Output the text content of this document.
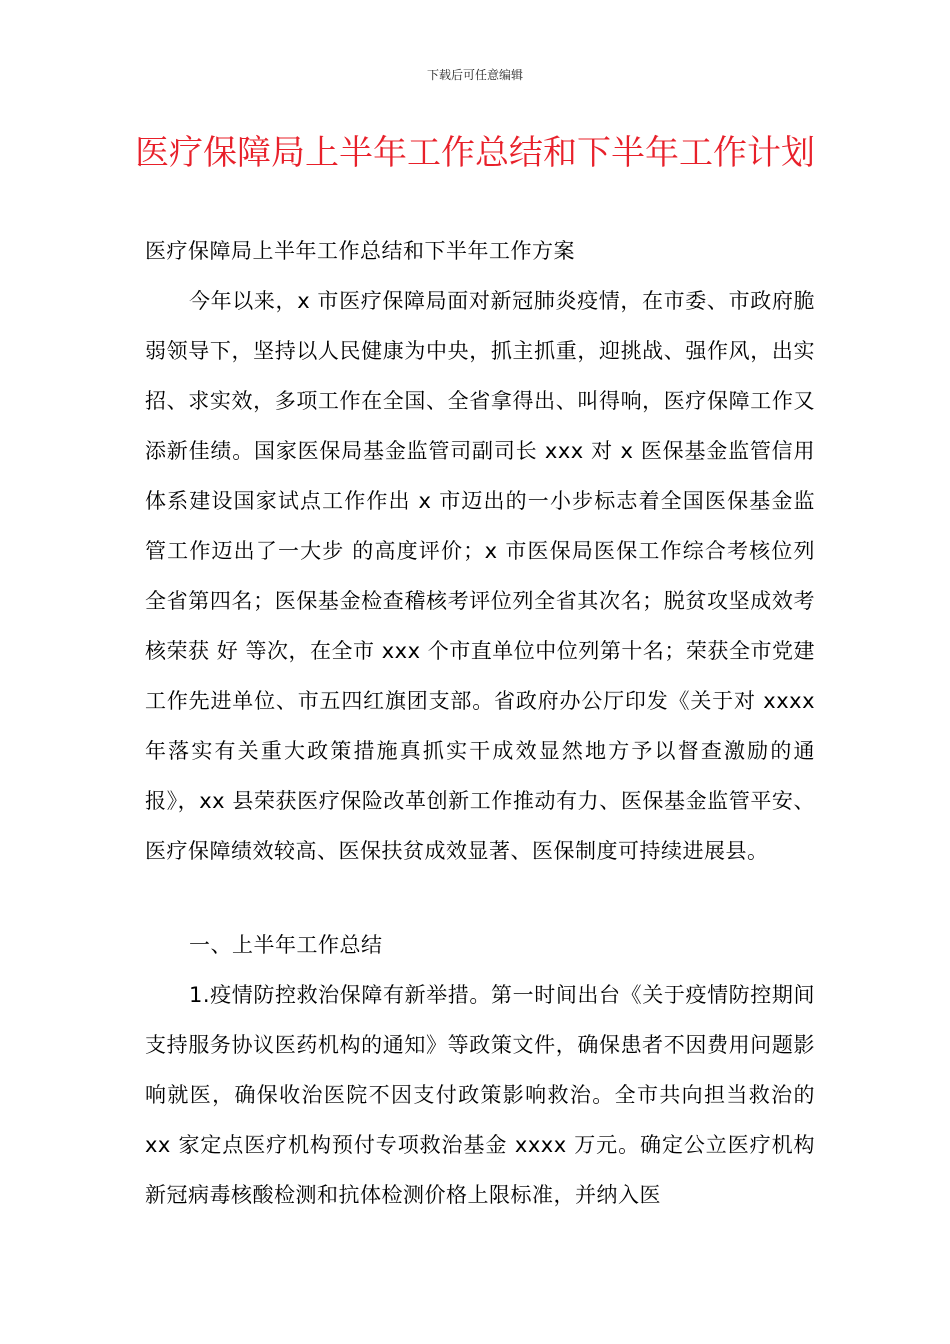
下载后可任意编辑
医疗保障局上半年工作总结和下半年工作计划

医疗保障局上半年工作总结和下半年工作方案

今年以来，x 市医疗保障局面对新冠肺炎疫情，在市委、市政府脆弱领导下，坚持以人民健康为中央，抓主抓重，迎挑战、强作风，出实招、求实效，多项工作在全国、全省拿得出、叫得响，医疗保障工作又添新佳绩。国家医保局基金监管司副司长 xxx 对 x 医保基金监管信用体系建设国家试点工作作出 x 市迈出的一小步标志着全国医保基金监管工作迈出了一大步 的高度评价；x 市医保局医保工作综合考核位列全省第四名；医保基金检查稽核考评位列全省其次名；脱贫攻坚成效考核荣获 好 等次，在全市 xxx 个市直单位中位列第十名；荣获全市党建工作先进单位、市五四红旗团支部。省政府办公厅印发《关于对 xxxx 年落实有关重大政策措施真抓实干成效显然地方予以督查激励的通报》，xx 县荣获医疗保险改革创新工作推动有力、医保基金监管平安、医疗保障绩效较高、医保扶贫成效显著、医保制度可持续进展县。

一、上半年工作总结

1.疫情防控救治保障有新举措。第一时间出台《关于疫情防控期间支持服务协议医药机构的通知》等政策文件，确保患者不因费用问题影响就医，确保收治医院不因支付政策影响救治。全市共向担当救治的 xx 家定点医疗机构预付专项救治基金 xxxx 万元。确定公立医疗机构新冠病毒核酸检测和抗体检测价格上限标准，并纳入医
